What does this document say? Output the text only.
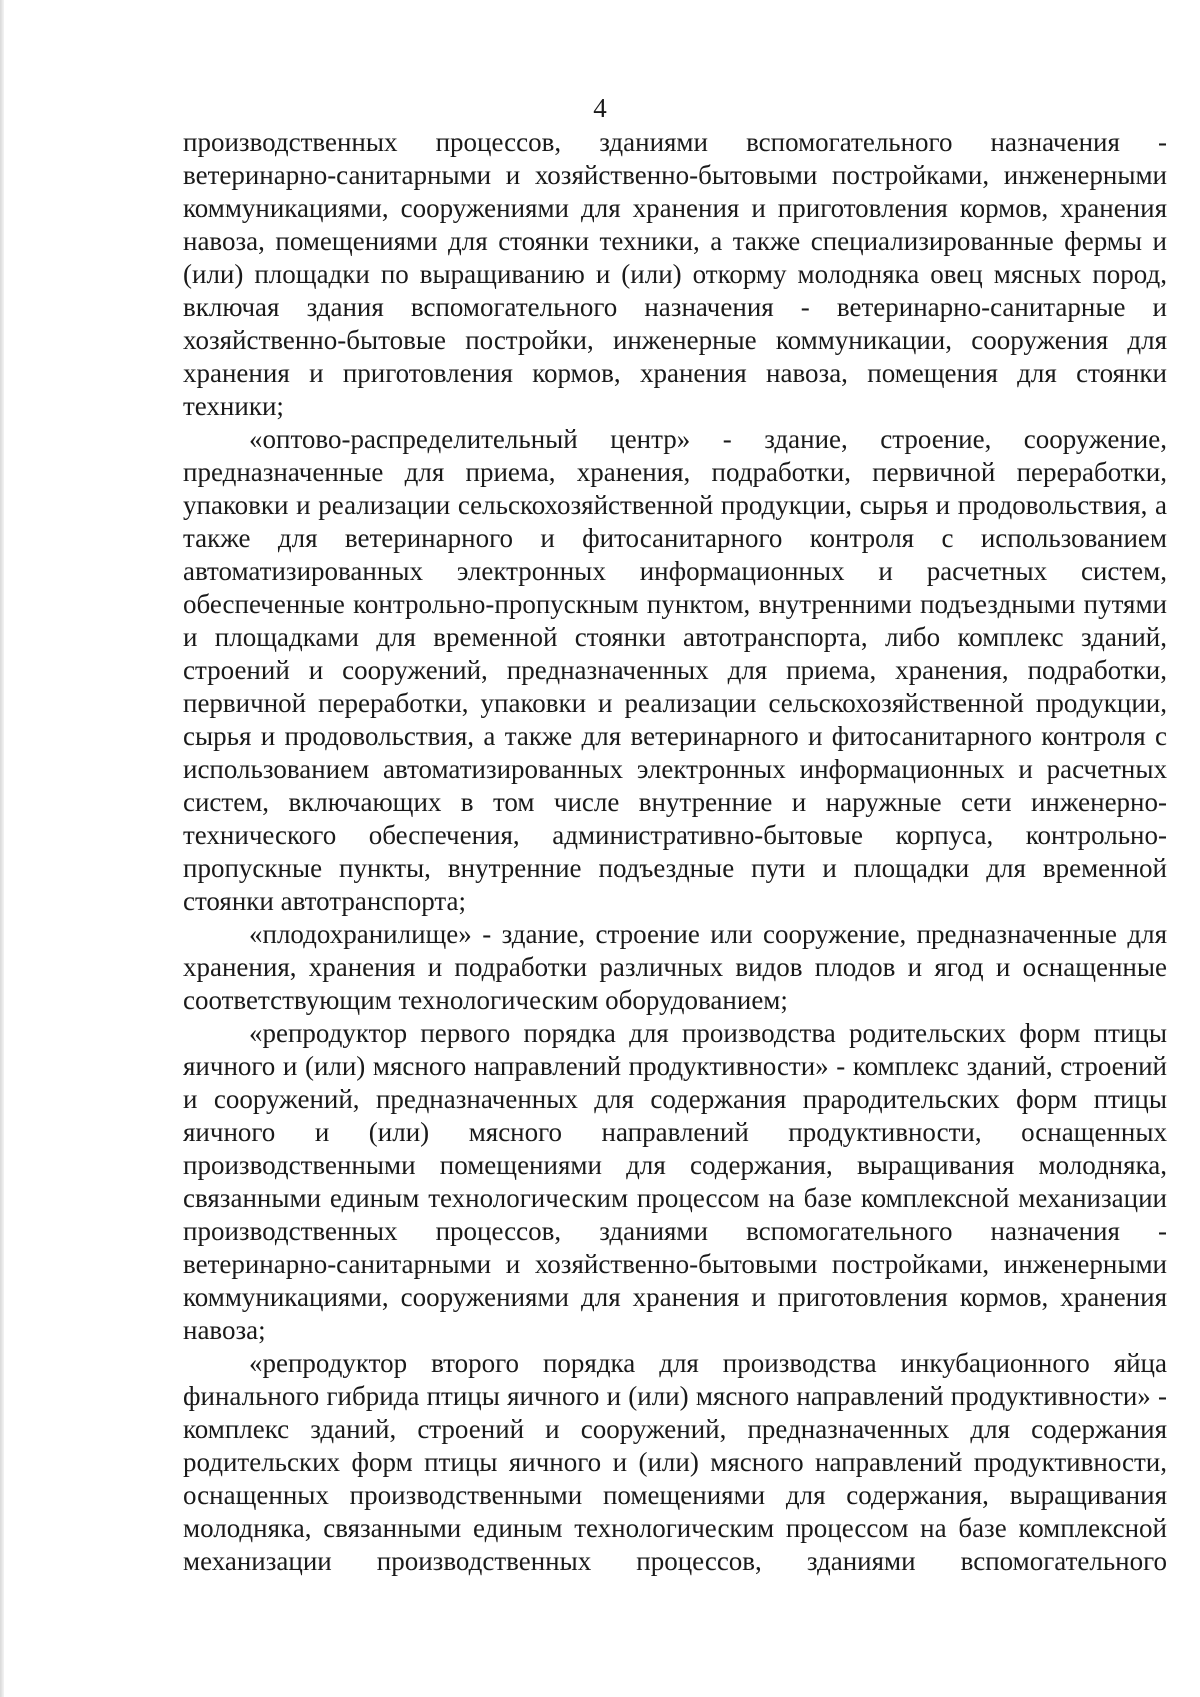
4

производственных процессов, зданиями вспомогательного назначения - ветеринарно-санитарными и хозяйственно-бытовыми постройками, инженерными коммуникациями, сооружениями для хранения и приготовления кормов, хранения навоза, помещениями для стоянки техники, а также специализированные фермы и (или) площадки по выращиванию и (или) откорму молодняка овец мясных пород, включая здания вспомогательного назначения - ветеринарно-санитарные и хозяйственно-бытовые постройки, инженерные коммуникации, сооружения для хранения и приготовления кормов, хранения навоза, помещения для стоянки техники;

«оптово-распределительный центр» - здание, строение, сооружение, предназначенные для приема, хранения, подработки, первичной переработки, упаковки и реализации сельскохозяйственной продукции, сырья и продовольствия, а также для ветеринарного и фитосанитарного контроля с использованием автоматизированных электронных информационных и расчетных систем, обеспеченные контрольно-пропускным пунктом, внутренними подъездными путями и площадками для временной стоянки автотранспорта, либо комплекс зданий, строений и сооружений, предназначенных для приема, хранения, подработки, первичной переработки, упаковки и реализации сельскохозяйственной продукции, сырья и продовольствия, а также для ветеринарного и фитосанитарного контроля с использованием автоматизированных электронных информационных и расчетных систем, включающих в том числе внутренние и наружные сети инженерно-технического обеспечения, административно-бытовые корпуса, контрольно-пропускные пункты, внутренние подъездные пути и площадки для временной стоянки автотранспорта;

«плодохранилище» - здание, строение или сооружение, предназначенные для хранения, хранения и подработки различных видов плодов и ягод и оснащенные соответствующим технологическим оборудованием;

«репродуктор первого порядка для производства родительских форм птицы яичного и (или) мясного направлений продуктивности» - комплекс зданий, строений и сооружений, предназначенных для содержания прародительских форм птицы яичного и (или) мясного направлений продуктивности, оснащенных производственными помещениями для содержания, выращивания молодняка, связанными единым технологическим процессом на базе комплексной механизации производственных процессов, зданиями вспомогательного назначения - ветеринарно-санитарными и хозяйственно-бытовыми постройками, инженерными коммуникациями, сооружениями для хранения и приготовления кормов, хранения навоза;

«репродуктор второго порядка для производства инкубационного яйца финального гибрида птицы яичного и (или) мясного направлений продуктивности» - комплекс зданий, строений и сооружений, предназначенных для содержания родительских форм птицы яичного и (или) мясного направлений продуктивности, оснащенных производственными помещениями для содержания, выращивания молодняка, связанными единым технологическим процессом на базе комплексной механизации производственных процессов, зданиями вспомогательного
